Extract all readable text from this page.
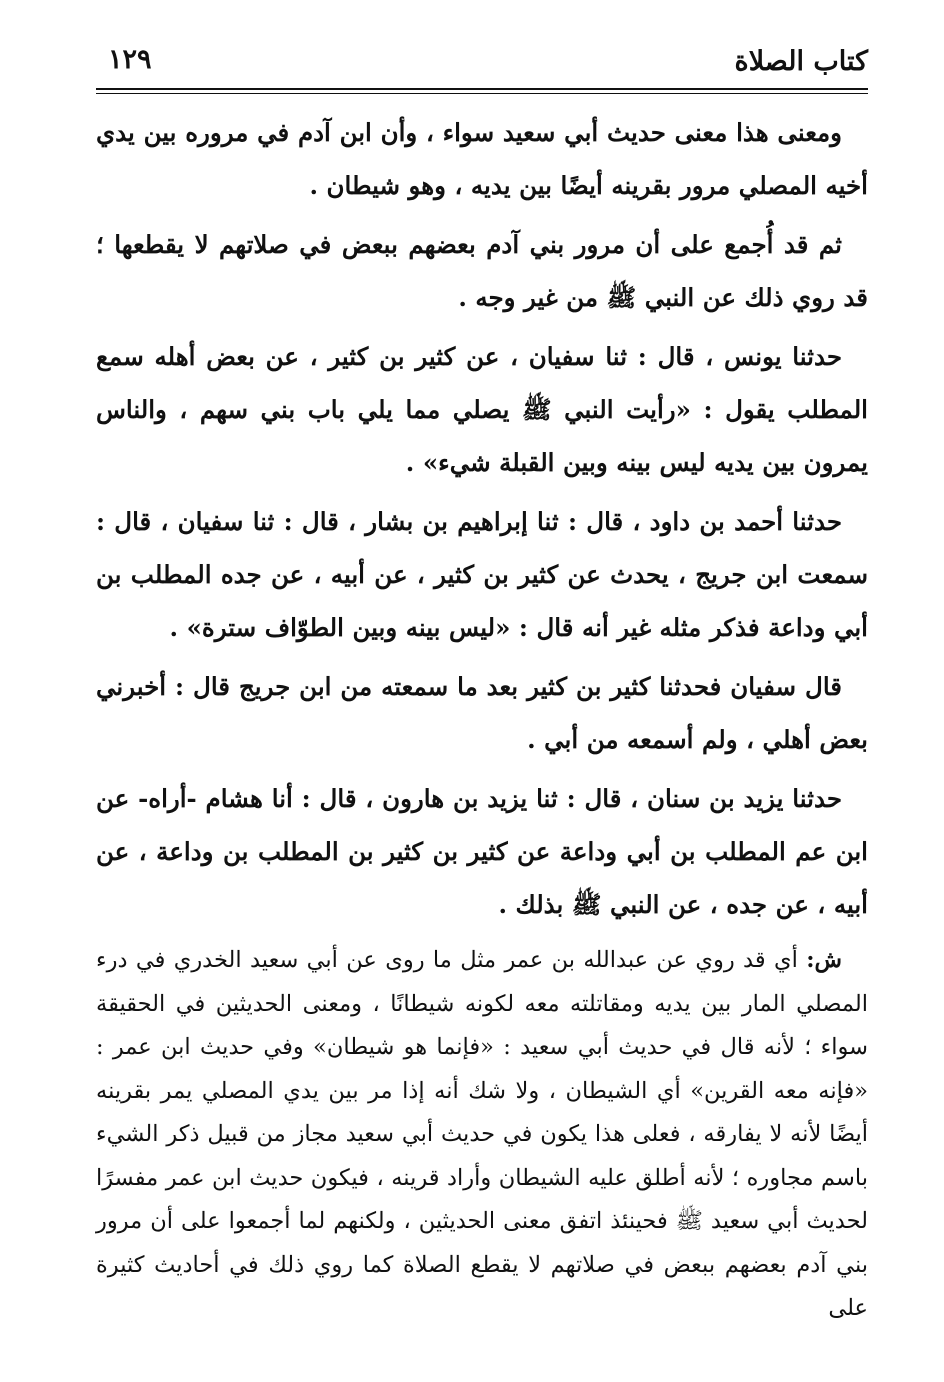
كتاب الصلاة
١٢٩

ومعنى هذا معنى حديث أبي سعيد سواء ، وأن ابن آدم في مروره بين يدي أخيه المصلي مرور بقرينه أيضًا بين يديه ، وهو شيطان .

ثم قد أُجمع على أن مرور بني آدم بعضهم ببعض في صلاتهم لا يقطعها ؛ قد روي ذلك عن النبي ﷺ من غير وجه .

حدثنا يونس ، قال : ثنا سفيان ، عن كثير بن كثير ، عن بعض أهله سمع المطلب يقول : «رأيت النبي ﷺ يصلي مما يلي باب بني سهم ، والناس يمرون بين يديه ليس بينه وبين القبلة شيء» .

حدثنا أحمد بن داود ، قال : ثنا إبراهيم بن بشار ، قال : ثنا سفيان ، قال : سمعت ابن جريج ، يحدث عن كثير بن كثير ، عن أبيه ، عن جده المطلب بن أبي وداعة فذكر مثله غير أنه قال : «ليس بينه وبين الطوّاف سترة» .

قال سفيان فحدثنا كثير بن كثير بعد ما سمعته من ابن جريج قال : أخبرني بعض أهلي ، ولم أسمعه من أبي .

حدثنا يزيد بن سنان ، قال : ثنا يزيد بن هارون ، قال : أنا هشام -أراه- عن ابن عم المطلب بن أبي وداعة عن كثير بن كثير بن المطلب بن وداعة ، عن أبيه ، عن جده ، عن النبي ﷺ بذلك .

ش: أي قد روي عن عبدالله بن عمر مثل ما روى عن أبي سعيد الخدري في درء المصلي المار بين يديه ومقاتلته معه لكونه شيطانًا ، ومعنى الحديثين في الحقيقة سواء ؛ لأنه قال في حديث أبي سعيد : «فإنما هو شيطان» وفي حديث ابن عمر : «فإنه معه القرين» أي الشيطان ، ولا شك أنه إذا مر بين يدي المصلي يمر بقرينه أيضًا لأنه لا يفارقه ، فعلى هذا يكون في حديث أبي سعيد مجاز من قبيل ذكر الشيء باسم مجاوره ؛ لأنه أطلق عليه الشيطان وأراد قرينه ، فيكون حديث ابن عمر مفسرًا لحديث أبي سعيد ﷺ فحينئذ اتفق معنى الحديثين ، ولكنهم لما أجمعوا على أن مرور بني آدم بعضهم ببعض في صلاتهم لا يقطع الصلاة كما روي ذلك في أحاديث كثيرة على
